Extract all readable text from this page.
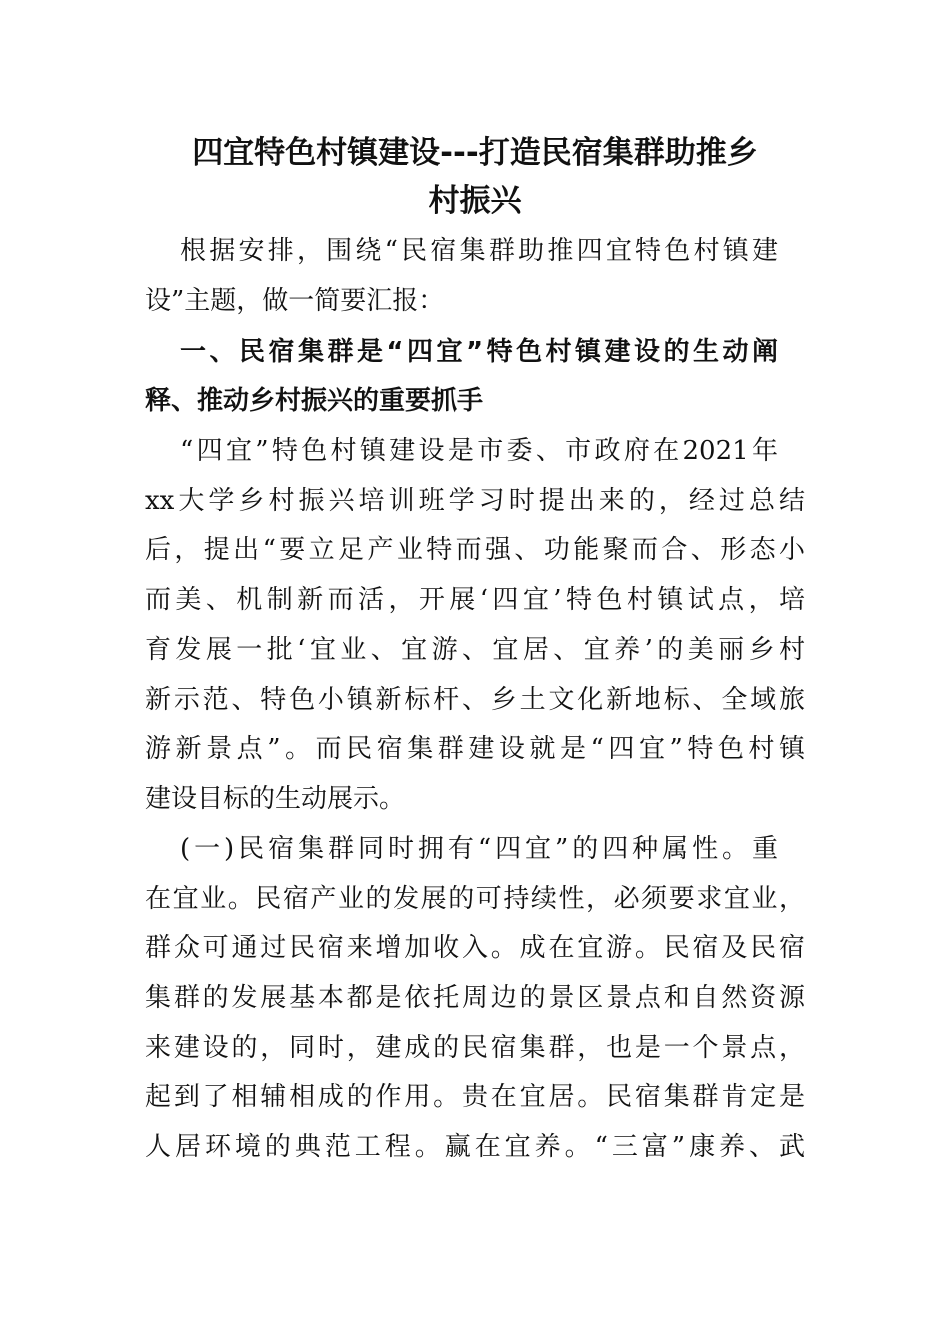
四宜特色村镇建设---打造民宿集群助推乡
村振兴

根据安排，围绕“民宿集群助推四宜特色村镇建

设”主题，做一简要汇报：

一、民宿集群是“四宜”特色村镇建设的生动阐

释、推动乡村振兴的重要抓手

“四宜”特色村镇建设是市委、市政府在2021年

xx大学乡村振兴培训班学习时提出来的，经过总结

后，提出“要立足产业特而强、功能聚而合、形态小

而美、机制新而活，开展‘四宜’特色村镇试点，培

育发展一批‘宜业、宜游、宜居、宜养’的美丽乡村

新示范、特色小镇新标杆、乡土文化新地标、全域旅

游新景点”。而民宿集群建设就是“四宜”特色村镇

建设目标的生动展示。

(一)民宿集群同时拥有“四宜”的四种属性。重

在宜业。民宿产业的发展的可持续性，必须要求宜业，

群众可通过民宿来增加收入。成在宜游。民宿及民宿

集群的发展基本都是依托周边的景区景点和自然资源

来建设的，同时，建成的民宿集群，也是一个景点，

起到了相辅相成的作用。贵在宜居。民宿集群肯定是

人居环境的典范工程。赢在宜养。“三富”康养、武
